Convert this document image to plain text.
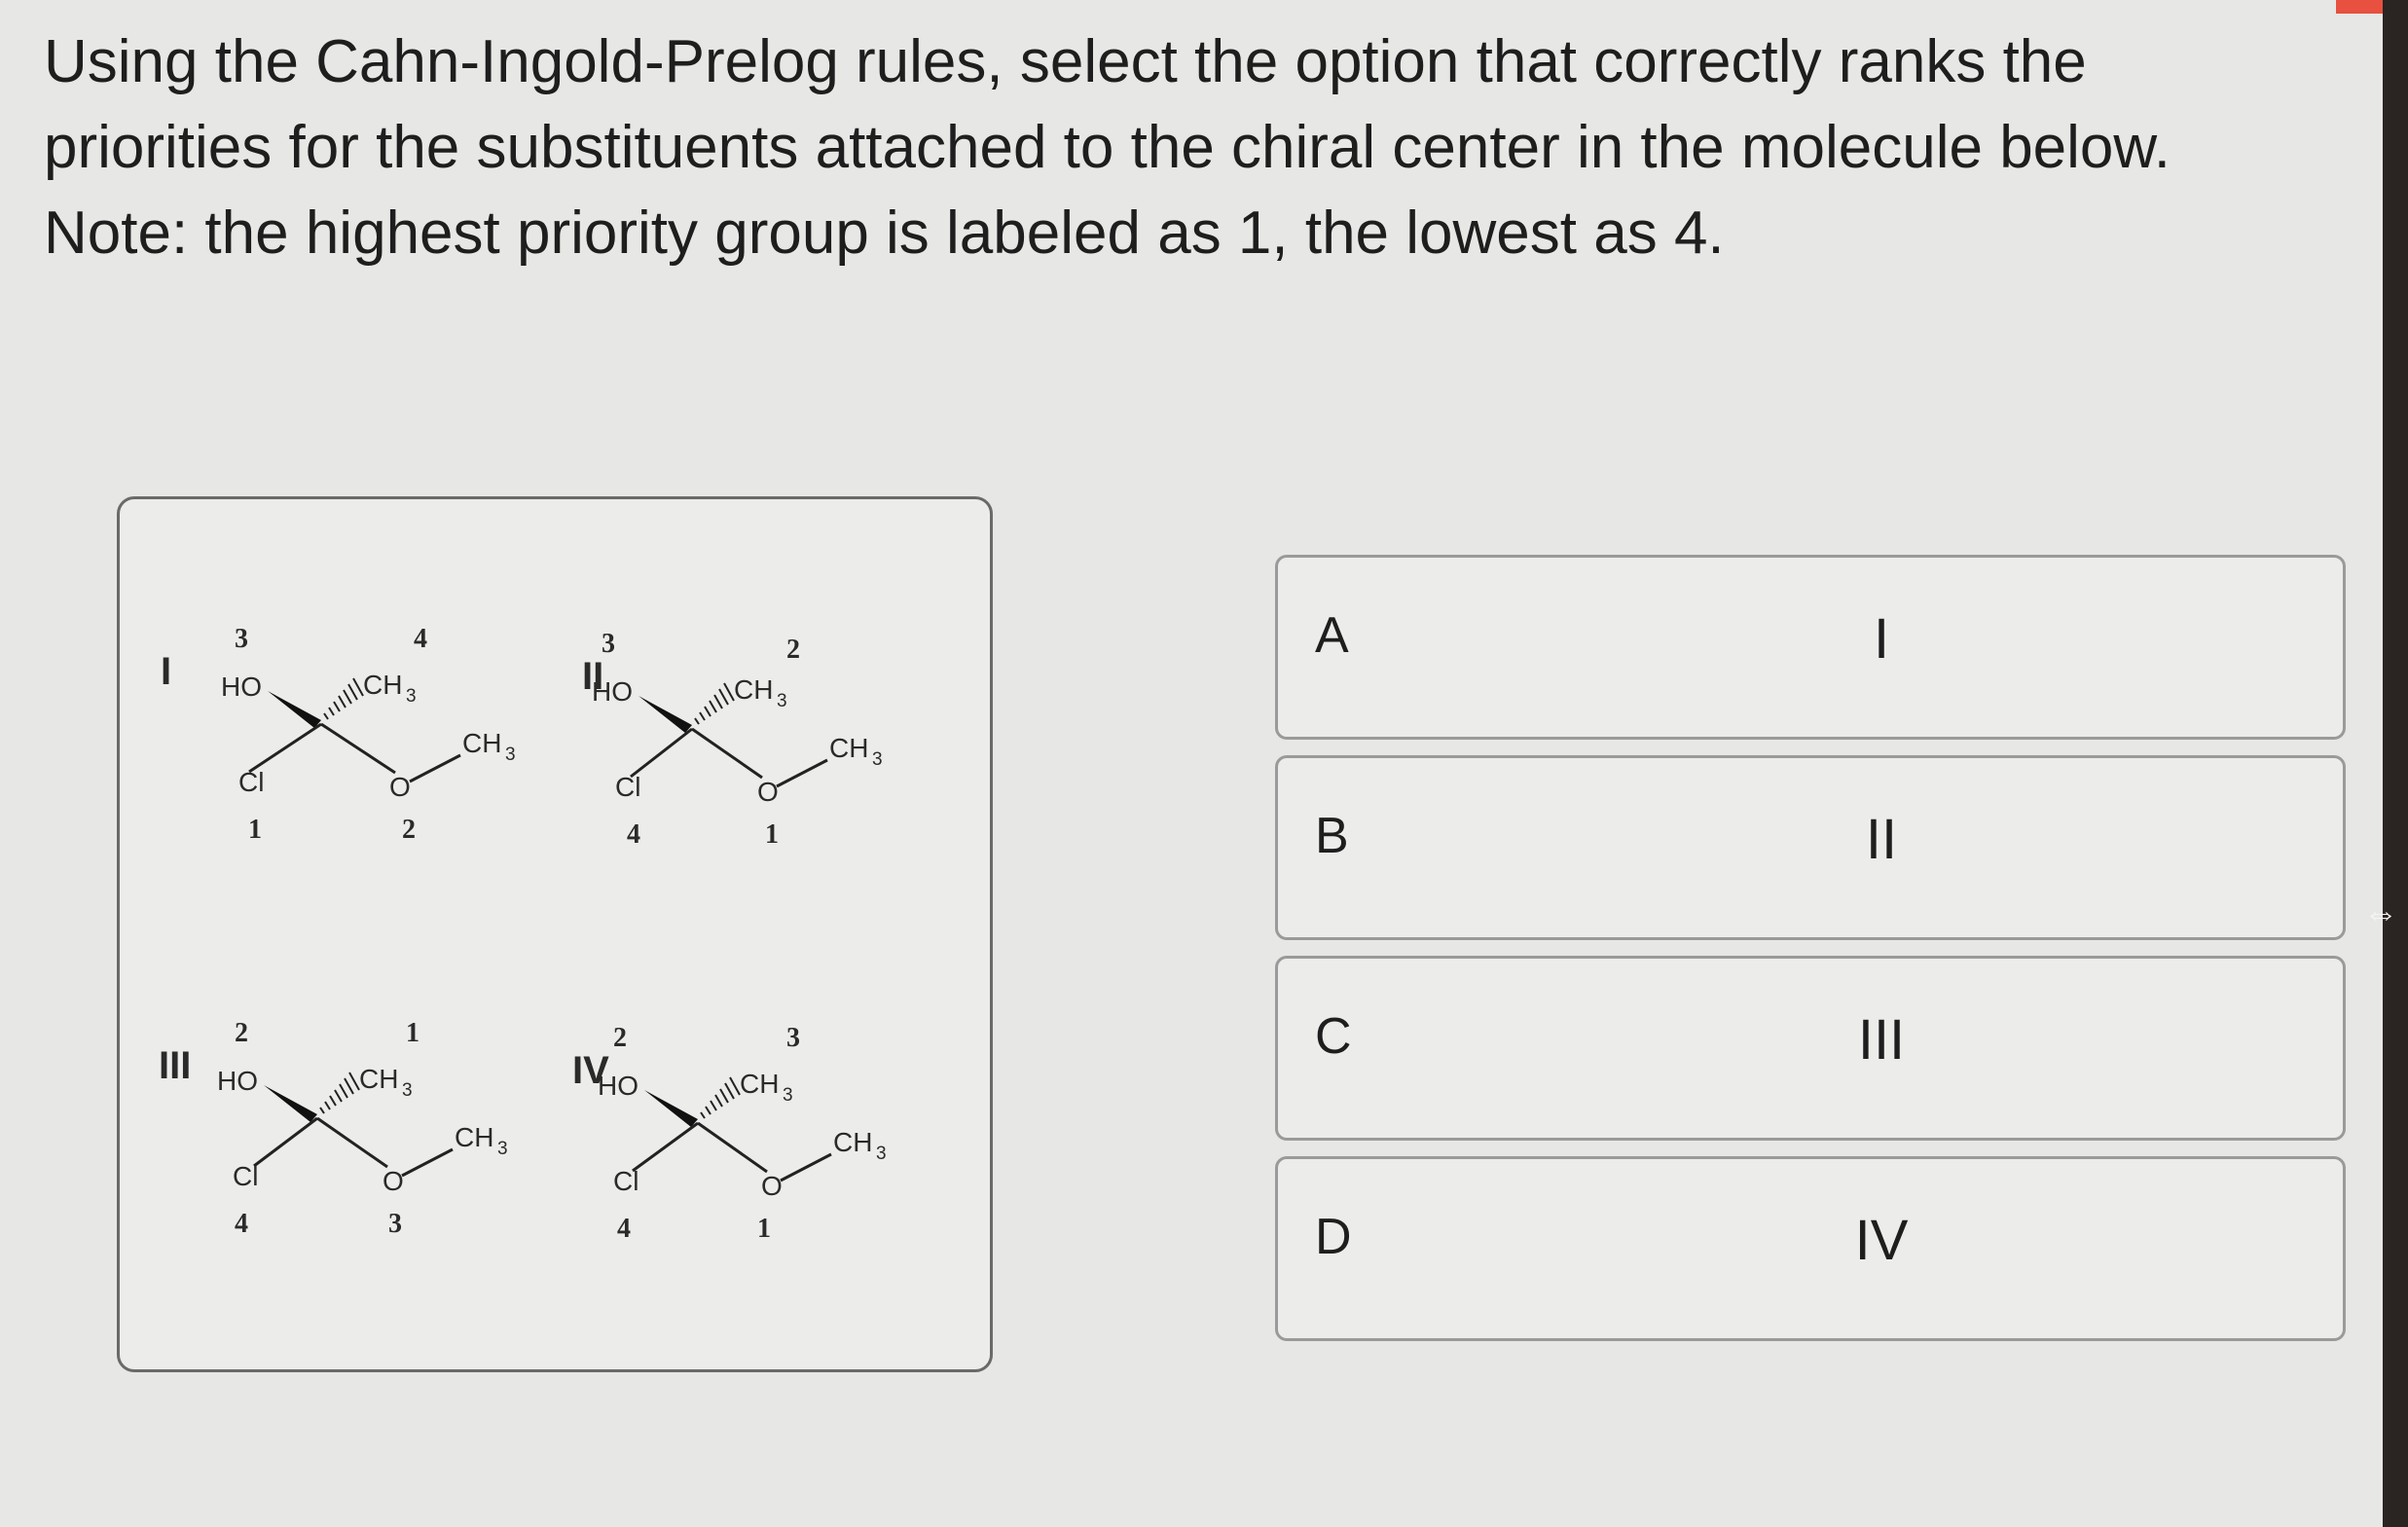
Using the Cahn-Ingold-Prelog rules, select the option that correctly ranks the
priorities for the substituents attached to the chiral center in the molecule below.
Note: the highest priority group is labeled as 1, the lowest as 4.
I
3
HO
Cl
1
O
2
CH 3
CH 3
4
II
3
HO
Cl
4
O
1
CH 3
CH 3
2
III
2
HO
Cl
4
O
3
CH 3
CH 3
1
IV
2
HO
Cl
4
O
1
CH 3
CH 3
3
A	I
B	II
C	III
D	IV
⇔
